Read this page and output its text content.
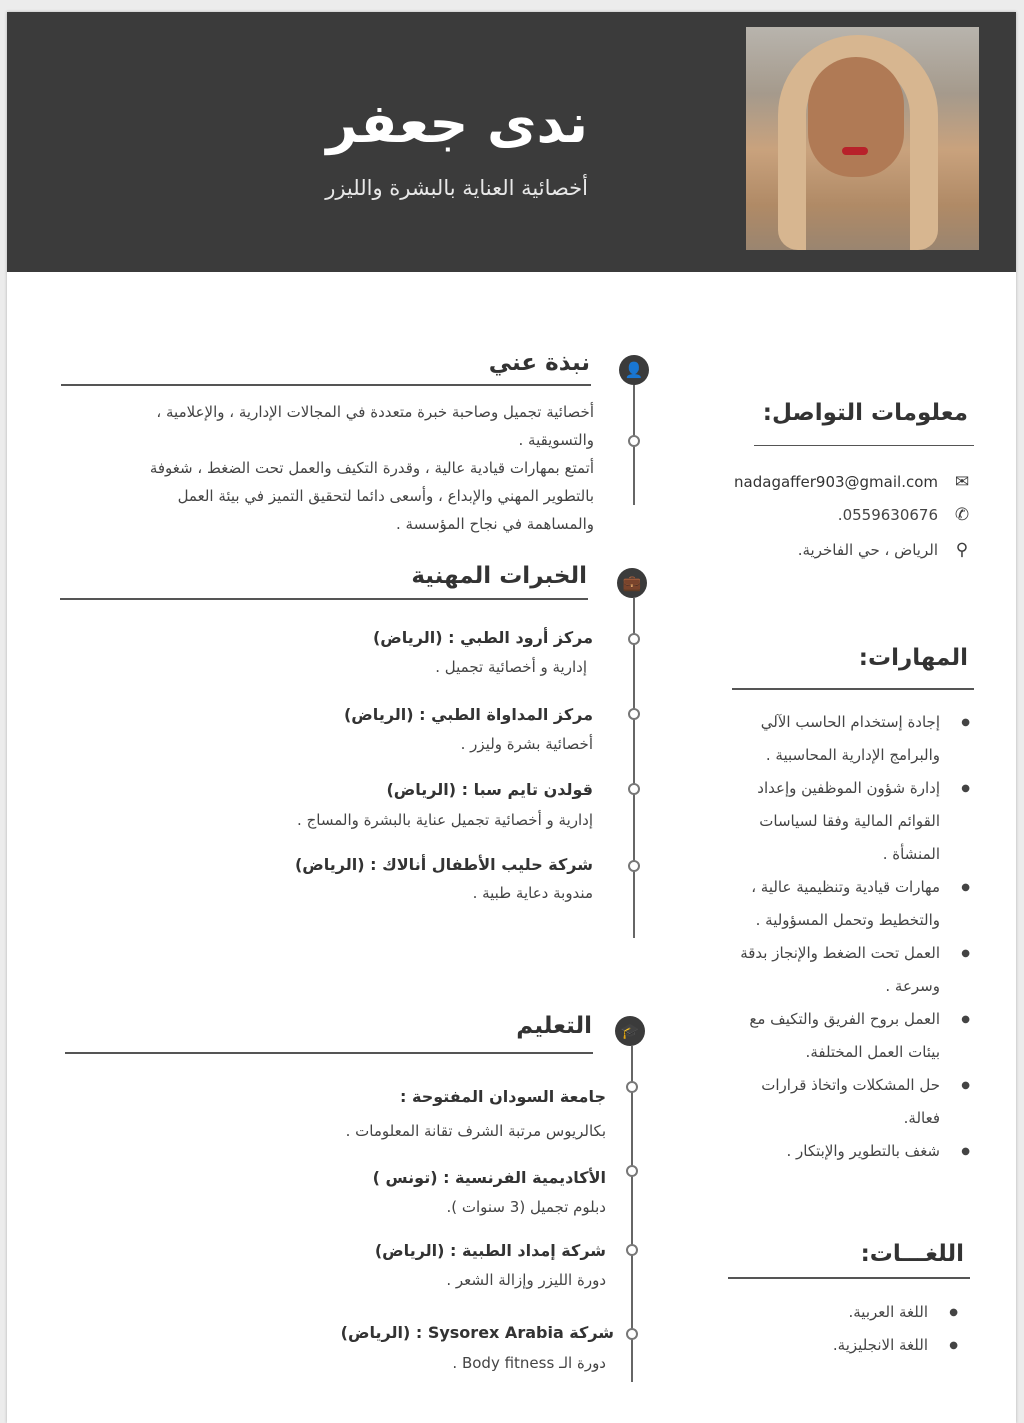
ندى جعفر
أخصائية العناية بالبشرة والليزر
معلومات التواصل:
✉
nadagaffer903@gmail.com
✆
.0559630676
⚲
الرياض ، حي الفاخرية.
المهارات:
● إجادة إستخدام الحاسب الآلي
والبرامج الإدارية المحاسبية .
● إدارة شؤون الموظفين وإعداد
القوائم المالية وفقا لسياسات
المنشأة .
● مهارات قيادية وتنظيمية عالية ،
والتخطيط وتحمل المسؤولية .
● العمل تحت الضغط والإنجاز بدقة
وسرعة .
● العمل بروح الفريق والتكيف مع
بيئات العمل المختلفة.
● حل المشكلات واتخاذ قرارات
فعالة.
● شغف بالتطوير والإبتكار .
اللغـــات:
● اللغة العربية.
● اللغة الانجليزية.
👤
نبذة عني
أخصائية تجميل وصاحبة خبرة متعددة في المجالات الإدارية ، والإعلامية ،
والتسويقية .
أتمتع بمهارات قيادية عالية ، وقدرة التكيف والعمل تحت الضغط ، شغوفة
بالتطوير المهني والإبداع ، وأسعى دائما لتحقيق التميز في بيئة العمل
والمساهمة في نجاح المؤسسة .
💼
الخبرات المهنية
مركز أرود الطبي : (الرياض)
إدارية و أخصائية تجميل .
مركز المداواة الطبي : (الرياض)
أخصائية بشرة وليزر .
قولدن تايم سبا : (الرياض)
إدارية و أخصائية تجميل عناية بالبشرة والمساج .
شركة حليب الأطفال أنالاك : (الرياض)
مندوبة دعاية طبية .
🎓
التعليم
جامعة السودان المفتوحة :
بكالريوس مرتبة الشرف تقانة المعلومات .
الأكاديمية الفرنسية : (تونس )
دبلوم تجميل (3 سنوات ).
شركة إمداد الطبية : (الرياض)
دورة الليزر وإزالة الشعر .
شركة Sysorex Arabia : (الرياض)
دورة الـ Body fitness .
